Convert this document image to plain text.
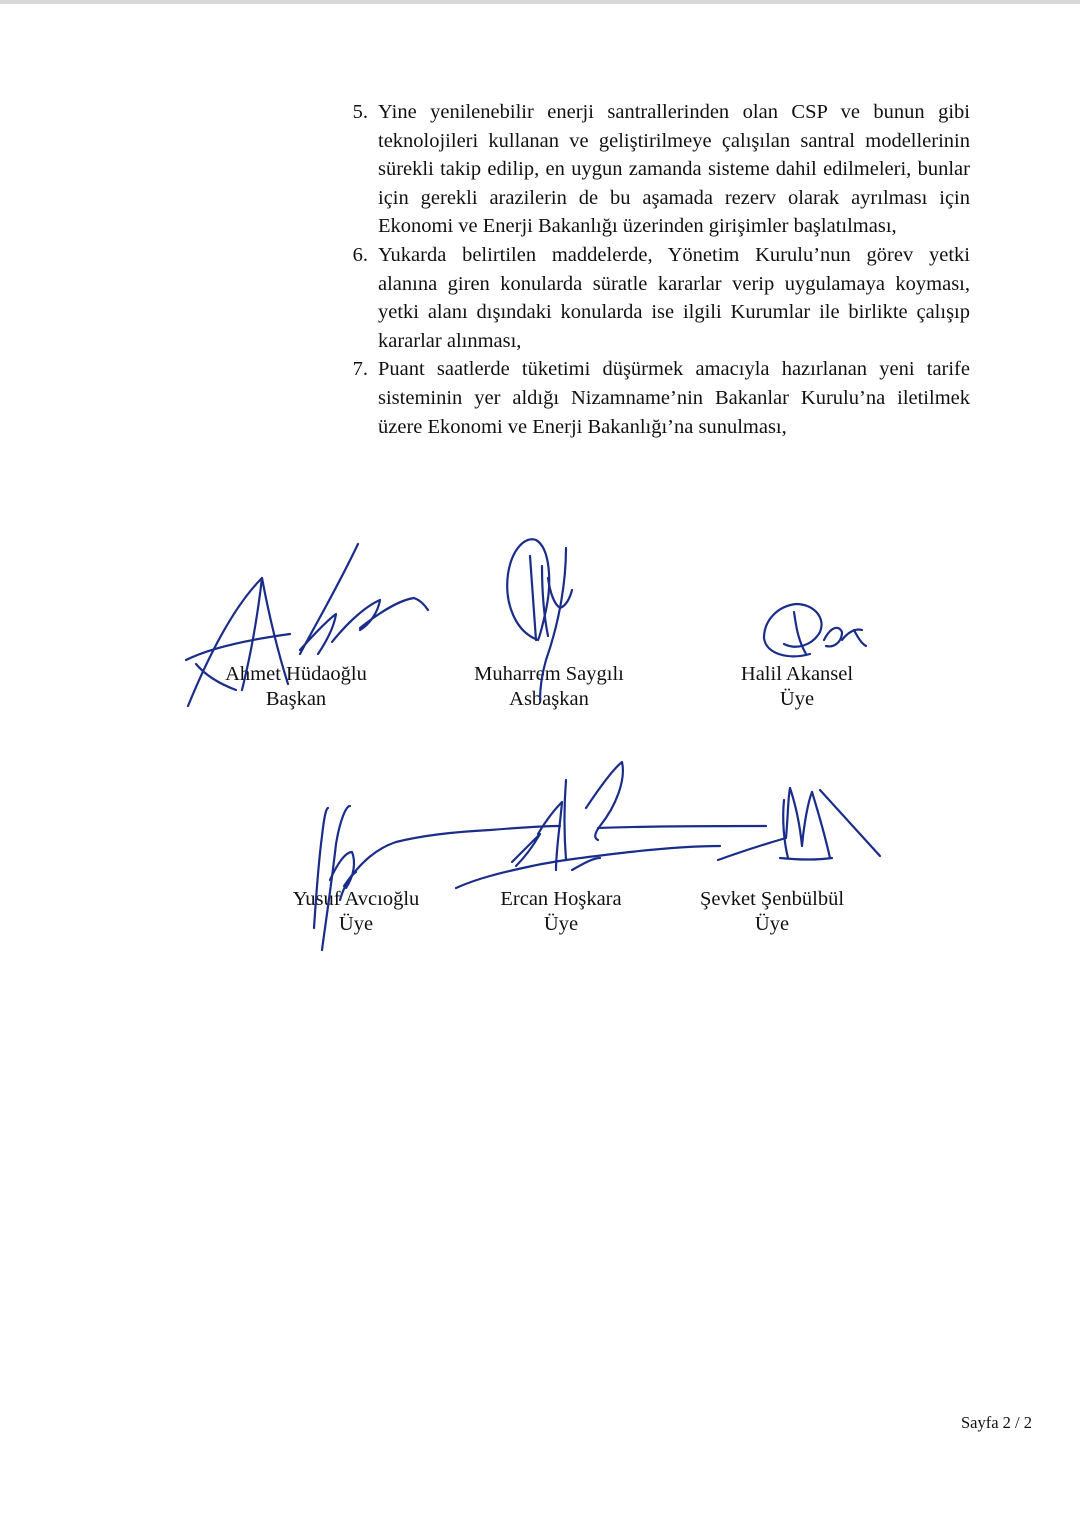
5. Yine yenilenebilir enerji santrallerinden olan CSP ve bunun gibi teknolojileri kullanan ve geliştirilmeye çalışılan santral modellerinin sürekli takip edilip, en uygun zamanda sisteme dahil edilmeleri, bunlar için gerekli arazilerin de bu aşamada rezerv olarak ayrılması için Ekonomi ve Enerji Bakanlığı üzerinden girişimler başlatılması,
6. Yukarda belirtilen maddelerde, Yönetim Kurulu’nun görev yetki alanına giren konularda süratle kararlar verip uygulamaya koyması, yetki alanı dışındaki konularda ise ilgili Kurumlar ile birlikte çalışıp kararlar alınması,
7. Puant saatlerde tüketimi düşürmek amacıyla hazırlanan yeni tarife sisteminin yer aldığı Nizamname’nin Bakanlar Kurulu’na iletilmek üzere Ekonomi ve Enerji Bakanlığı’na sunulması,
Ahmet Hüdaoğlu
Başkan
Muharrem Saygılı
Asbaşkan
Halil Akansel
Üye
Yusuf Avcıoğlu
Üye
Ercan Hoşkara
Üye
Şevket Şenbülbül
Üye
Sayfa 2 / 2
